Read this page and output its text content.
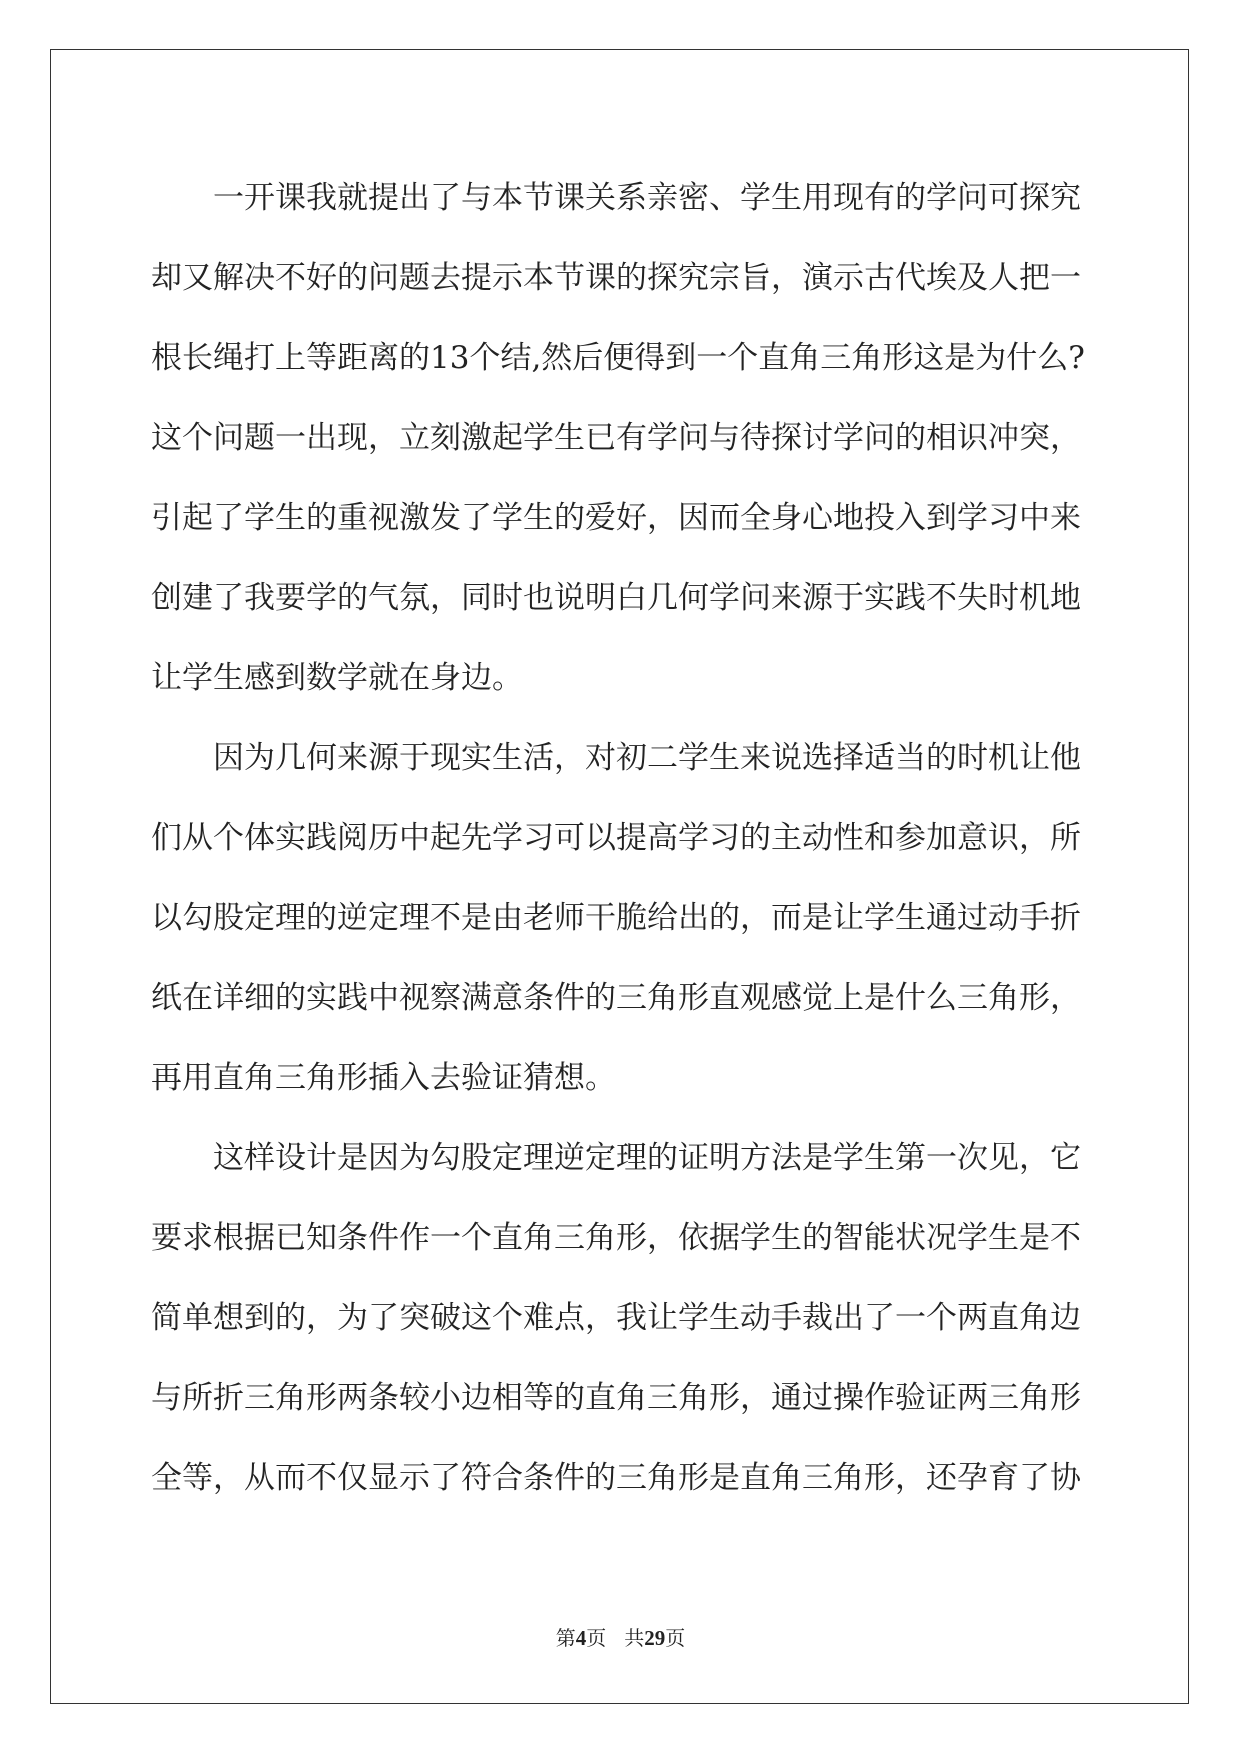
一开课我就提出了与本节课关系亲密、学生用现有的学问可探究
却又解决不好的问题去提示本节课的探究宗旨，演示古代埃及人把一
根长绳打上等距离的13个结,然后便得到一个直角三角形这是为什么?
这个问题一出现，立刻激起学生已有学问与待探讨学问的相识冲突，
引起了学生的重视激发了学生的爱好，因而全身心地投入到学习中来
创建了我要学的气氛，同时也说明白几何学问来源于实践不失时机地
让学生感到数学就在身边。
因为几何来源于现实生活，对初二学生来说选择适当的时机让他
们从个体实践阅历中起先学习可以提高学习的主动性和参加意识，所
以勾股定理的逆定理不是由老师干脆给出的，而是让学生通过动手折
纸在详细的实践中视察满意条件的三角形直观感觉上是什么三角形，
再用直角三角形插入去验证猜想。
这样设计是因为勾股定理逆定理的证明方法是学生第一次见，它
要求根据已知条件作一个直角三角形，依据学生的智能状况学生是不
简单想到的，为了突破这个难点，我让学生动手裁出了一个两直角边
与所折三角形两条较小边相等的直角三角形，通过操作验证两三角形
全等，从而不仅显示了符合条件的三角形是直角三角形，还孕育了协
第4页 共29页
